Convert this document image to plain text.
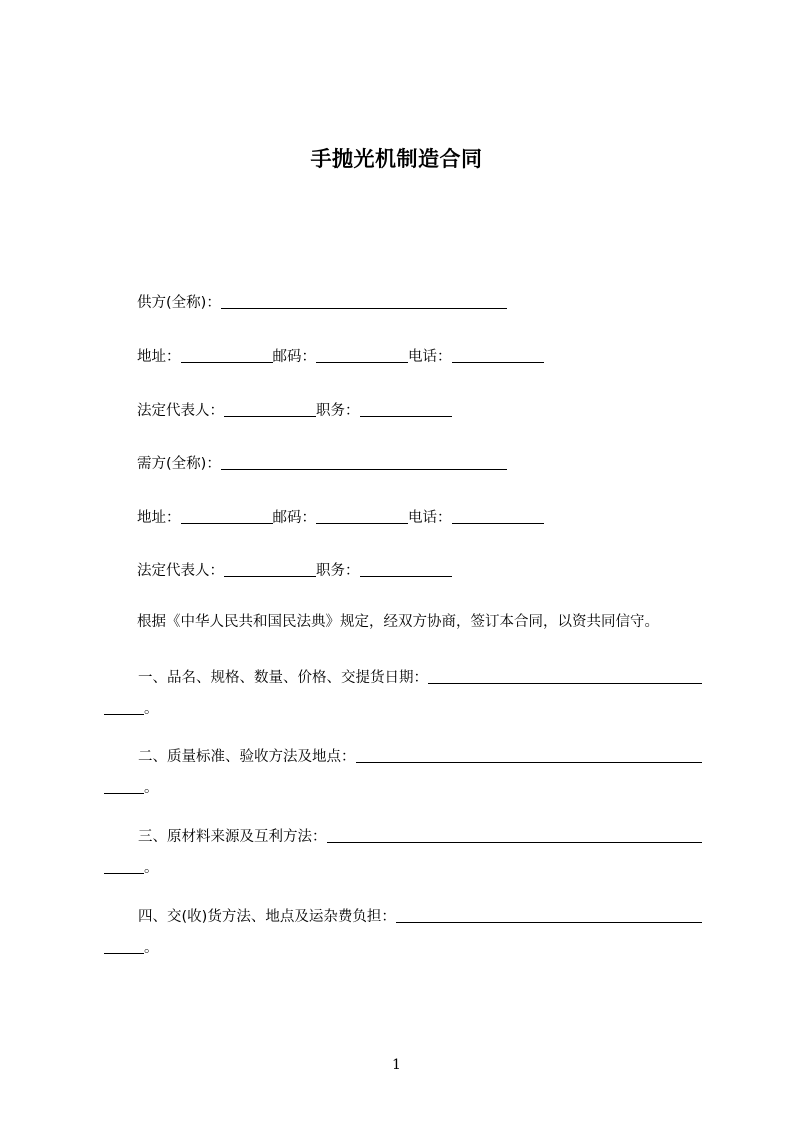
手抛光机制造合同
供方(全称)：
地址：	邮码：	电话：
法定代表人：	职务：
需方(全称)：
地址：	邮码：	电话：
法定代表人：	职务：
根据《中华人民共和国民法典》规定，经双方协商，签订本合同，以资共同信守。
一、品名、规格、数量、价格、交提货日期：
。
二、质量标准、验收方法及地点：
。
三、原材料来源及互利方法：
。
四、交(收)货方法、地点及运杂费负担：
。
1
